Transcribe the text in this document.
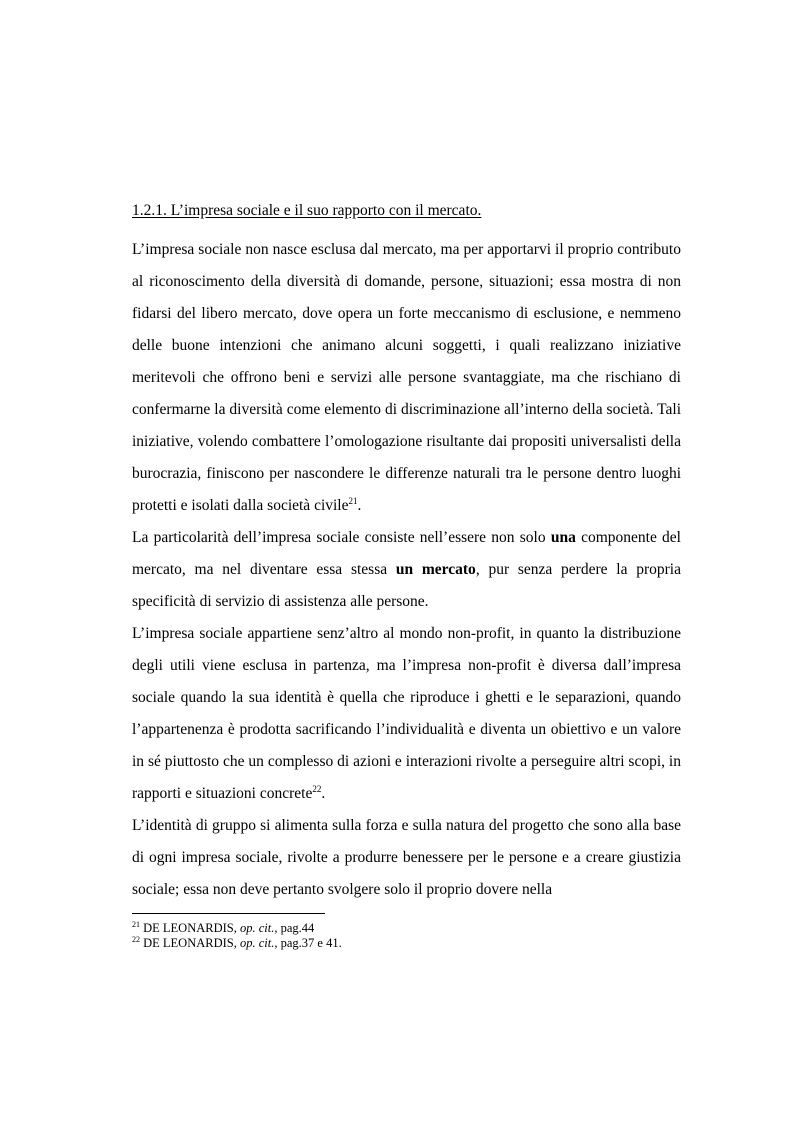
1.2.1. L’impresa sociale e il suo rapporto con il mercato.

L’impresa sociale non nasce esclusa dal mercato, ma per apportarvi il proprio contributo al riconoscimento della diversità di domande, persone, situazioni; essa mostra di non fidarsi del libero mercato, dove opera un forte meccanismo di esclusione, e nemmeno delle buone intenzioni che animano alcuni soggetti, i quali realizzano iniziative meritevoli che offrono beni e servizi alle persone svantaggiate, ma che rischiano di confermarne la diversità come elemento di discriminazione all’interno della società. Tali iniziative, volendo combattere l’omologazione risultante dai propositi universalisti della burocrazia, finiscono per nascondere le differenze naturali tra le persone dentro luoghi protetti e isolati dalla società civile$^{21}$.

La particolarità dell’impresa sociale consiste nell’essere non solo una componente del mercato, ma nel diventare essa stessa un mercato, pur senza perdere la propria specificità di servizio di assistenza alle persone.

L’impresa sociale appartiene senz’altro al mondo non-profit, in quanto la distribuzione degli utili viene esclusa in partenza, ma l’impresa non-profit è diversa dall’impresa sociale quando la sua identità è quella che riproduce i ghetti e le separazioni, quando l’appartenenza è prodotta sacrificando l’individualità e diventa un obiettivo e un valore in sé piuttosto che un complesso di azioni e interazioni rivolte a perseguire altri scopi, in rapporti e situazioni concrete$^{22}$.

L’identità di gruppo si alimenta sulla forza e sulla natura del progetto che sono alla base di ogni impresa sociale, rivolte a produrre benessere per le persone e a creare giustizia sociale; essa non deve pertanto svolgere solo il proprio dovere nella

$^{21}$ DE LEONARDIS, op. cit., pag.44
$^{22}$ DE LEONARDIS, op. cit., pag.37 e 41.
